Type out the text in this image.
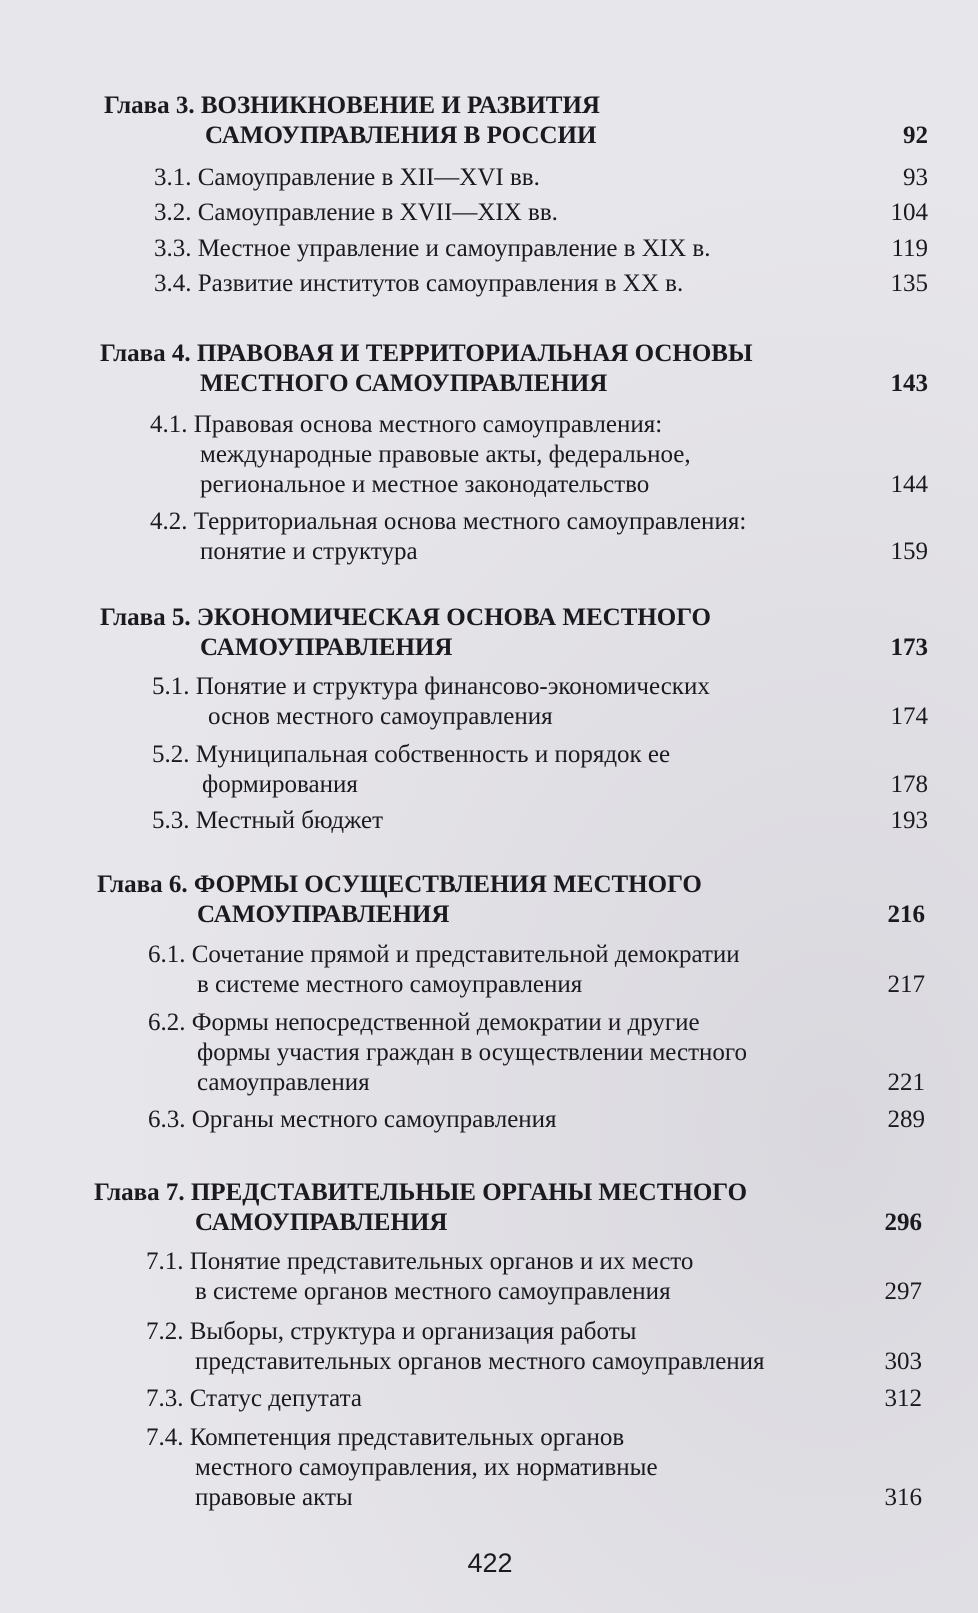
Глава 3. ВОЗНИКНОВЕНИЕ И РАЗВИТИЯ
САМОУПРАВЛЕНИЯ В РОССИИ	92
3.1. Самоуправление в XII—XVI вв.	93
3.2. Самоуправление в XVII—XIX вв.	104
3.3. Местное управление и самоуправление в XIX в.	119
3.4. Развитие институтов самоуправления в XX в.	135
Глава 4. ПРАВОВАЯ И ТЕРРИТОРИАЛЬНАЯ ОСНОВЫ
МЕСТНОГО САМОУПРАВЛЕНИЯ	143
4.1. Правовая основа местного самоуправления:
международные правовые акты, федеральное,
региональное и местное законодательство	144
4.2. Территориальная основа местного самоуправления:
понятие и структура	159
Глава 5. ЭКОНОМИЧЕСКАЯ ОСНОВА МЕСТНОГО
САМОУПРАВЛЕНИЯ	173
5.1. Понятие и структура финансово-экономических
основ местного самоуправления	174
5.2. Муниципальная собственность и порядок ее
формирования	178
5.3. Местный бюджет	193
Глава 6. ФОРМЫ ОСУЩЕСТВЛЕНИЯ МЕСТНОГО
САМОУПРАВЛЕНИЯ	216
6.1. Сочетание прямой и представительной демократии
в системе местного самоуправления	217
6.2. Формы непосредственной демократии и другие
формы участия граждан в осуществлении местного
самоуправления	221
6.3. Органы местного самоуправления	289
Глава 7. ПРЕДСТАВИТЕЛЬНЫЕ ОРГАНЫ МЕСТНОГО
САМОУПРАВЛЕНИЯ	296
7.1. Понятие представительных органов и их место
в системе органов местного самоуправления	297
7.2. Выборы, структура и организация работы
представительных органов местного самоуправления	303
7.3. Статус депутата	312
7.4. Компетенция представительных органов
местного самоуправления, их нормативные
правовые акты	316
422
